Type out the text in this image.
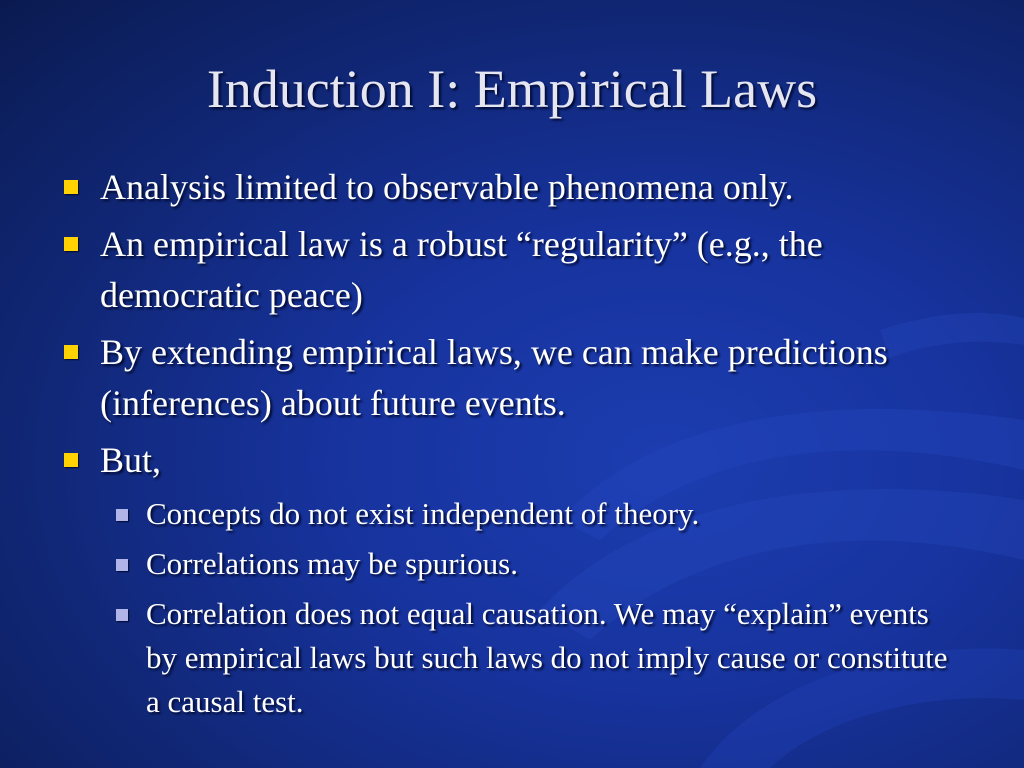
Induction I: Empirical Laws
Analysis limited to observable phenomena only.
An empirical law is a robust “regularity” (e.g., the democratic peace)
By extending empirical laws, we can make predictions (inferences) about future events.
But,
Concepts do not exist independent of theory.
Correlations may be spurious.
Correlation does not equal causation. We may “explain” events by empirical laws but such laws do not imply cause or constitute a causal test.
